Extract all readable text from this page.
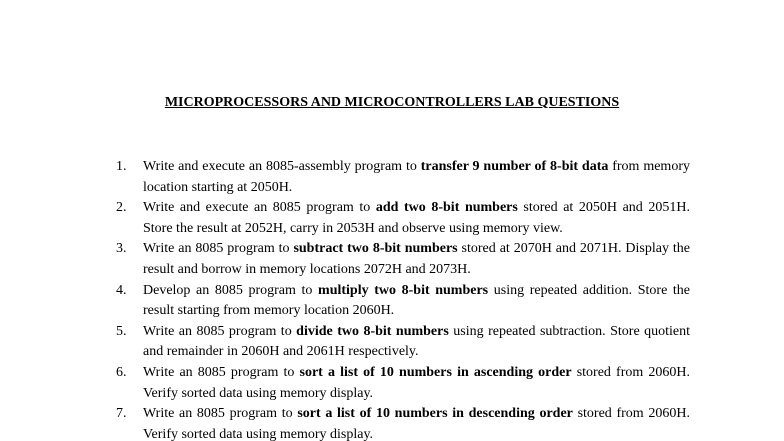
MICROPROCESSORS AND MICROCONTROLLERS LAB QUESTIONS
1. Write and execute an 8085-assembly program to transfer 9 number of 8-bit data from memory location starting at 2050H.
2. Write and execute an 8085 program to add two 8-bit numbers stored at 2050H and 2051H. Store the result at 2052H, carry in 2053H and observe using memory view.
3. Write an 8085 program to subtract two 8-bit numbers stored at 2070H and 2071H. Display the result and borrow in memory locations 2072H and 2073H.
4. Develop an 8085 program to multiply two 8-bit numbers using repeated addition. Store the result starting from memory location 2060H.
5. Write an 8085 program to divide two 8-bit numbers using repeated subtraction. Store quotient and remainder in 2060H and 2061H respectively.
6. Write an 8085 program to sort a list of 10 numbers in ascending order stored from 2060H. Verify sorted data using memory display.
7. Write an 8085 program to sort a list of 10 numbers in descending order stored from 2060H. Verify sorted data using memory display.
